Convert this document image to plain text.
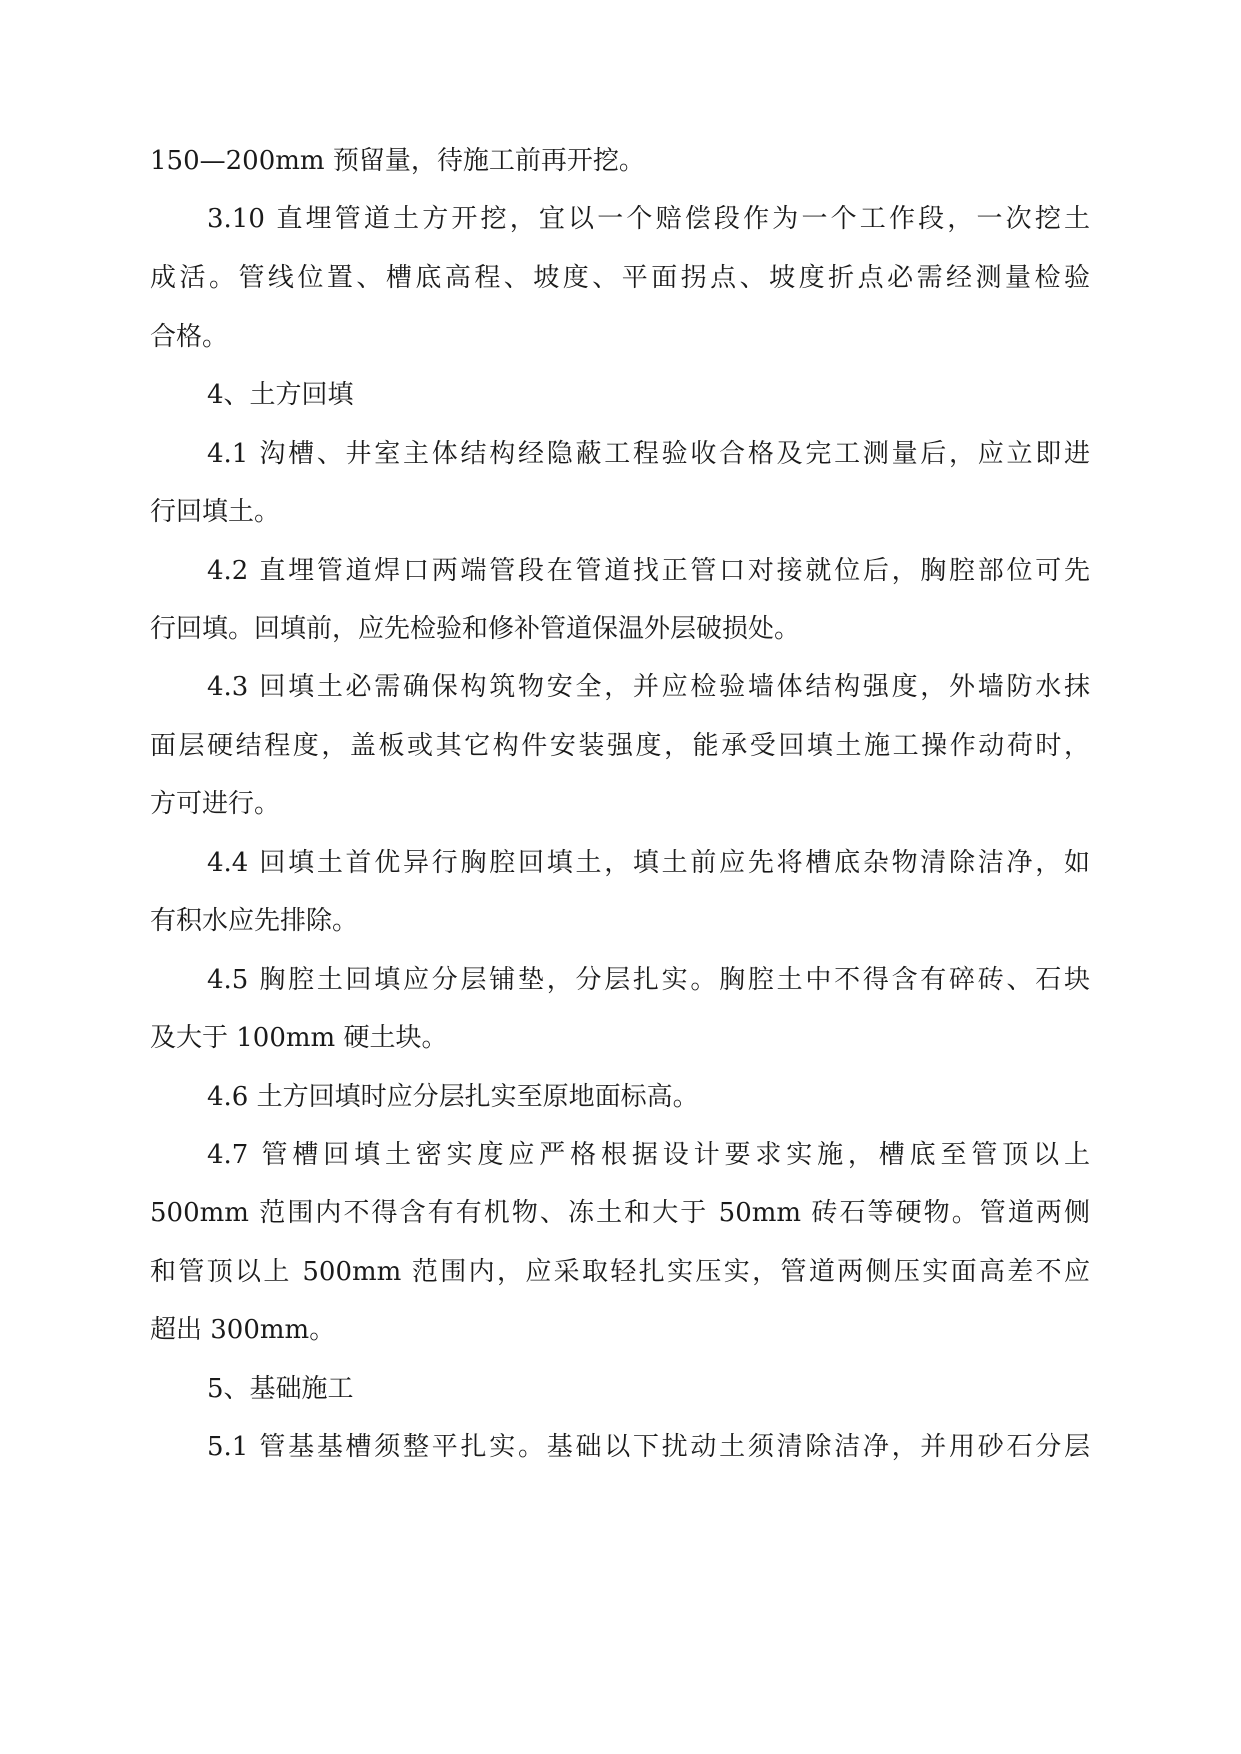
150—200mm 预留量，待施工前再开挖。
3.10 直埋管道土方开挖，宜以一个赔偿段作为一个工作段，一次挖土
成活。管线位置、槽底高程、坡度、平面拐点、坡度折点必需经测量检验
合格。
4、土方回填
4.1 沟槽、井室主体结构经隐蔽工程验收合格及完工测量后，应立即进
行回填土。
4.2 直埋管道焊口两端管段在管道找正管口对接就位后，胸腔部位可先
行回填。回填前，应先检验和修补管道保温外层破损处。
4.3 回填土必需确保构筑物安全，并应检验墙体结构强度，外墙防水抹
面层硬结程度，盖板或其它构件安装强度，能承受回填土施工操作动荷时，
方可进行。
4.4 回填土首优异行胸腔回填土，填土前应先将槽底杂物清除洁净，如
有积水应先排除。
4.5 胸腔土回填应分层铺垫，分层扎实。胸腔土中不得含有碎砖、石块
及大于 100mm 硬土块。
4.6 土方回填时应分层扎实至原地面标高。
4.7 管槽回填土密实度应严格根据设计要求实施，槽底至管顶以上
500mm 范围内不得含有有机物、冻土和大于 50mm 砖石等硬物。管道两侧
和管顶以上 500mm 范围内，应采取轻扎实压实，管道两侧压实面高差不应
超出 300mm。
5、基础施工
5.1 管基基槽须整平扎实。基础以下扰动土须清除洁净，并用砂石分层
